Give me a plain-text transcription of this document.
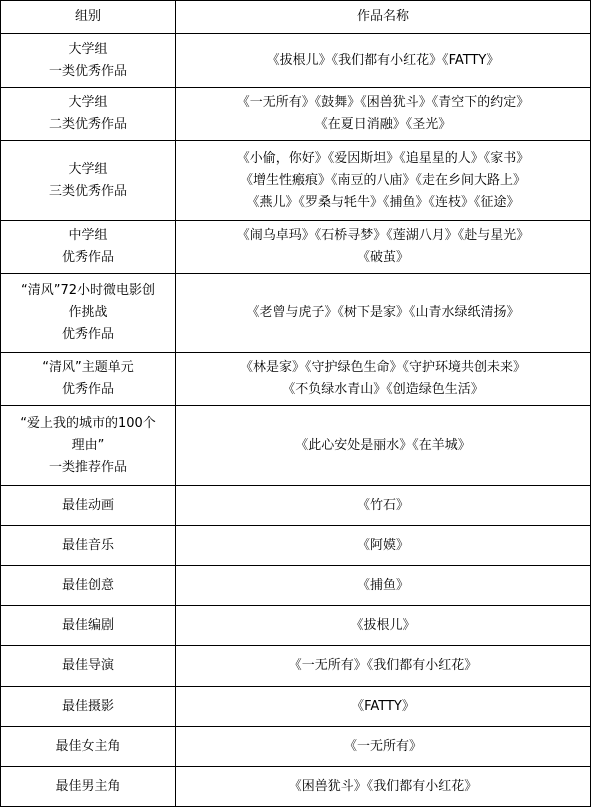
组别	作品名称

大学组
一类优秀作品	《拔根儿》《我们都有小红花》《FATTY》

大学组
二类优秀作品	《一无所有》《鼓舞》《困兽犹斗》《青空下的约定》
《在夏日消融》《圣光》

大学组
三类优秀作品	《小偷，你好》《爱因斯坦》《追星星的人》《家书》
《增生性瘢痕》《南豆的八庙》《走在乡间大路上》
《燕儿》《罗桑与牦牛》《捕鱼》《连枝》《征途》

中学组
优秀作品	《闹乌卓玛》《石桥寻梦》《莲湖八月》《赴与星光》
《破茧》

“清风”72小时微电影创
作挑战
优秀作品	《老曾与虎子》《树下是家》《山青水绿纸清扬》

“清风”主题单元
优秀作品	《林是家》《守护绿色生命》《守护环境共创未来》
《不负绿水青山》《创造绿色生活》

“爱上我的城市的100个
理由”
一类推荐作品	《此心安处是丽水》《在羊城》

最佳动画	《竹石》
最佳音乐	《阿嫫》
最佳创意	《捕鱼》
最佳编剧	《拔根儿》
最佳导演	《一无所有》《我们都有小红花》
最佳摄影	《FATTY》
最佳女主角	《一无所有》
最佳男主角	《困兽犹斗》《我们都有小红花》
